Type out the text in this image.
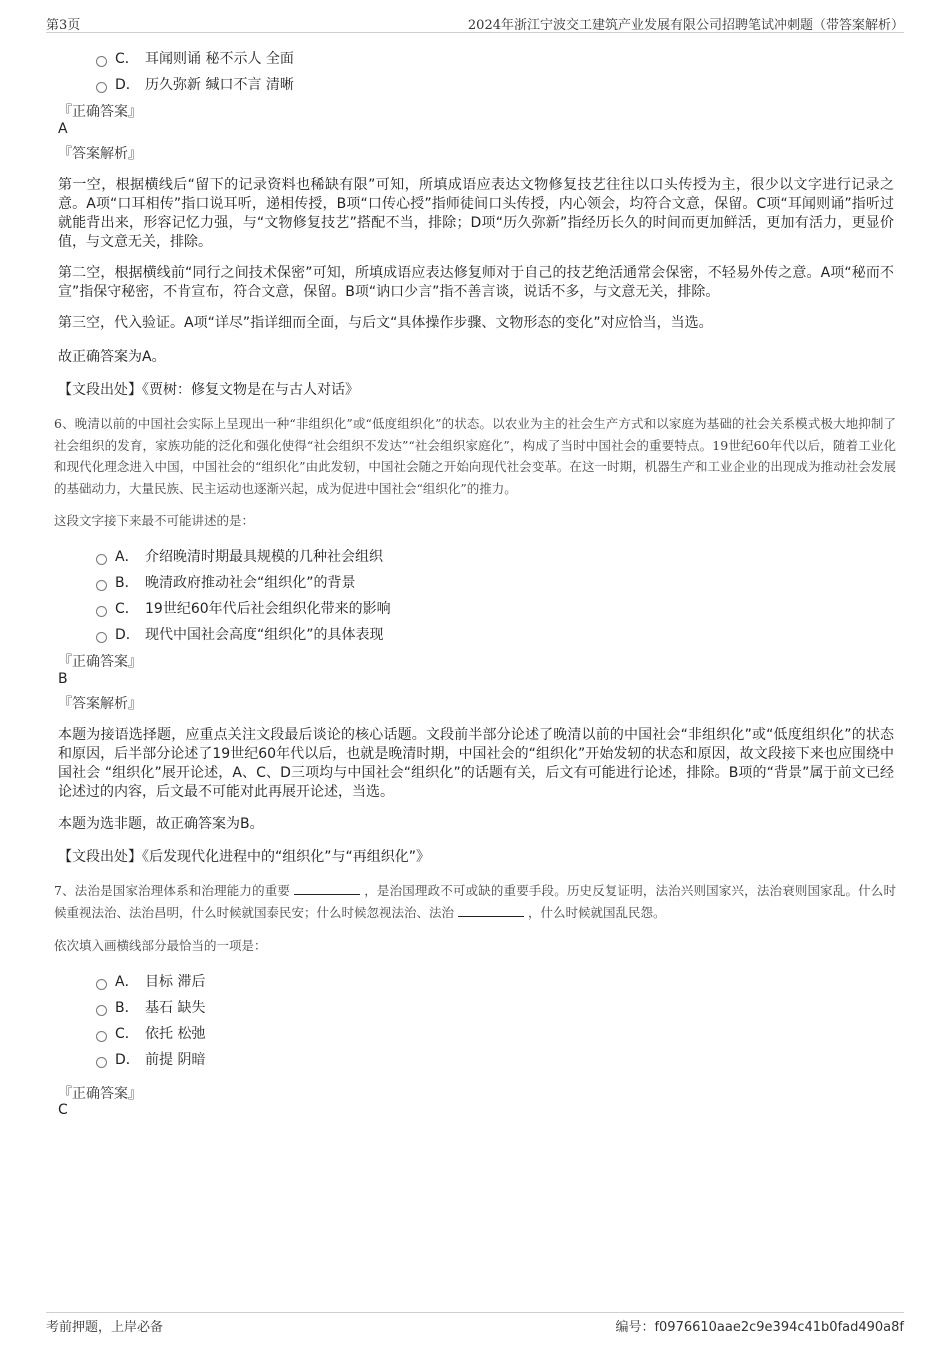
第3页	2024年浙江宁波交工建筑产业发展有限公司招聘笔试冲刺题（带答案解析）
C． 耳闻则诵 秘不示人 全面
D． 历久弥新 缄口不言 清晰
『正确答案』
A
『答案解析』
第一空，根据横线后“留下的记录资料也稀缺有限”可知，所填成语应表达文物修复技艺往往以口头传授为主，很少以文字进行记录之意。A项“口耳相传”指口说耳听，递相传授，B项“口传心授”指师徒间口头传授，内心领会，均符合文意，保留。C项“耳闻则诵”指听过就能背出来，形容记忆力强，与“文物修复技艺”搭配不当，排除；D项“历久弥新”指经历长久的时间而更加鲜活，更加有活力，更显价值，与文意无关，排除。
第二空，根据横线前“同行之间技术保密”可知，所填成语应表达修复师对于自己的技艺绝活通常会保密，不轻易外传之意。A项“秘而不宣”指保守秘密，不肯宣布，符合文意，保留。B项“讷口少言”指不善言谈，说话不多，与文意无关，排除。
第三空，代入验证。A项“详尽”指详细而全面，与后文“具体操作步骤、文物形态的变化”对应恰当，当选。
故正确答案为A。
【文段出处】《贾树：修复文物是在与古人对话》
6、晚清以前的中国社会实际上呈现出一种“非组织化”或“低度组织化”的状态。以农业为主的社会生产方式和以家庭为基础的社会关系模式极大地抑制了社会组织的发育，家族功能的泛化和强化使得“社会组织不发达”“社会组织家庭化”，构成了当时中国社会的重要特点。19世纪60年代以后，随着工业化和现代化理念进入中国，中国社会的“组织化”由此发轫，中国社会随之开始向现代社会变革。在这一时期，机器生产和工业企业的出现成为推动社会发展的基础动力，大量民族、民主运动也逐渐兴起，成为促进中国社会“组织化”的推力。
这段文字接下来最不可能讲述的是：
A． 介绍晚清时期最具规模的几种社会组织
B． 晚清政府推动社会“组织化”的背景
C． 19世纪60年代后社会组织化带来的影响
D． 现代中国社会高度“组织化”的具体表现
『正确答案』
B
『答案解析』
本题为接语选择题，应重点关注文段最后谈论的核心话题。文段前半部分论述了晚清以前的中国社会“非组织化”或“低度组织化”的状态和原因，后半部分论述了19世纪60年代以后，也就是晚清时期，中国社会的“组织化”开始发轫的状态和原因，故文段接下来也应围绕中国社会 “组织化”展开论述，A、C、D三项均与中国社会“组织化”的话题有关，后文有可能进行论述，排除。B项的“背景”属于前文已经论述过的内容，后文最不可能对此再展开论述，当选。
本题为选非题，故正确答案为B。
【文段出处】《后发现代化进程中的“组织化”与“再组织化”》
7、法治是国家治理体系和治理能力的重要	，是治国理政不可或缺的重要手段。历史反复证明，法治兴则国家兴，法治衰则国家乱。什么时候重视法治、法治昌明，什么时候就国泰民安；什么时候忽视法治、法治	，什么时候就国乱民怨。
依次填入画横线部分最恰当的一项是：
A． 目标 滞后
B． 基石 缺失
C． 依托 松弛
D． 前提 阴暗
『正确答案』
C
考前押题，上岸必备	编号：f0976610aae2c9e394c41b0fad490a8f
